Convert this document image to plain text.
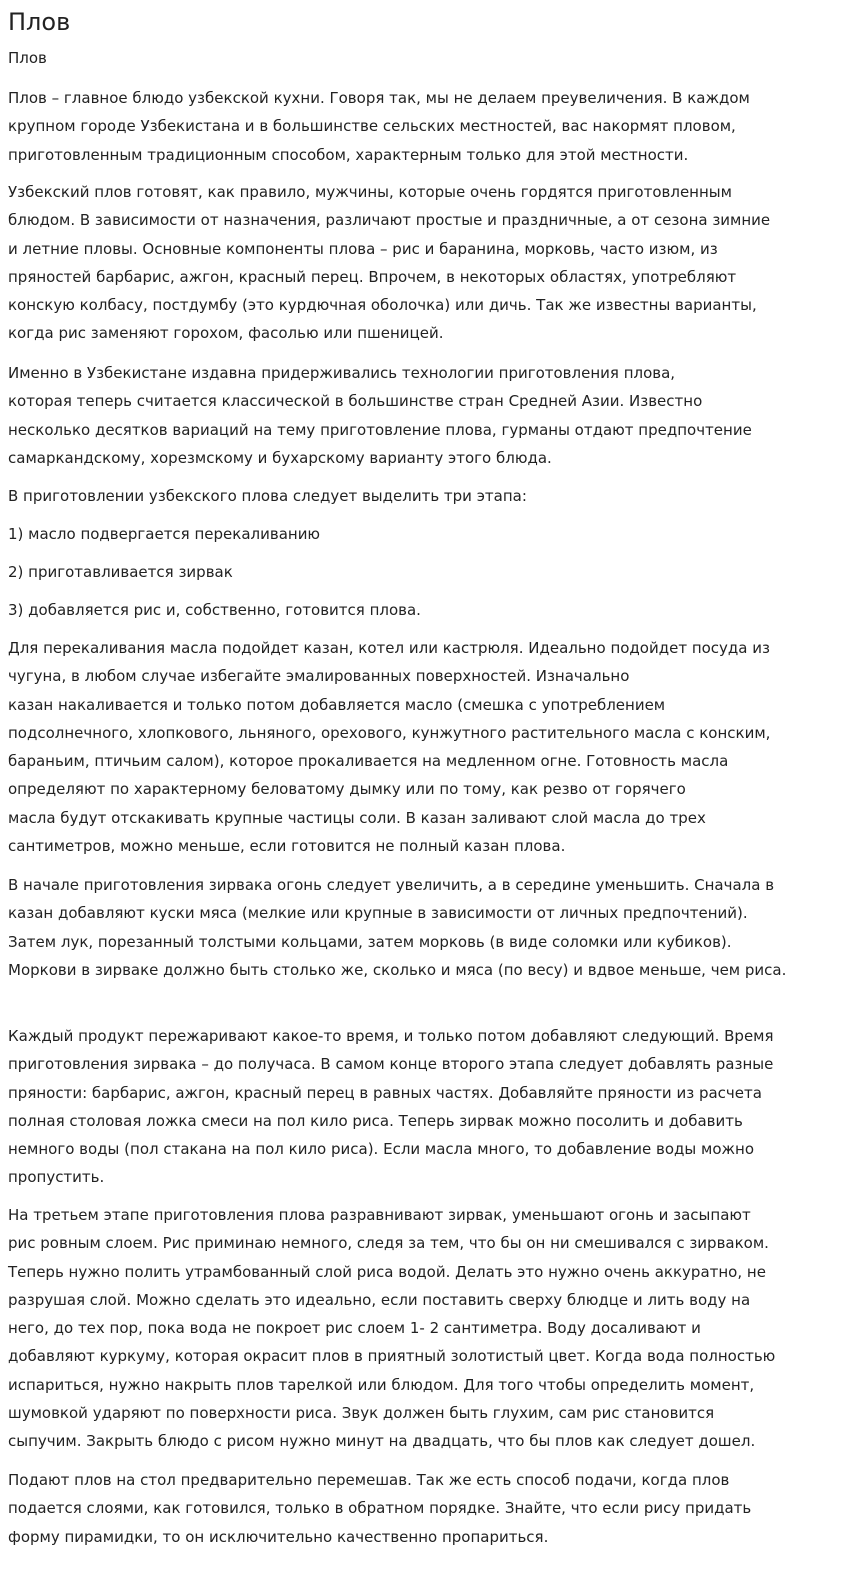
Плов

Плов

Плов – главное блюдо узбекской кухни. Говоря так, мы не делаем преувеличения. В каждом
крупном городе Узбекистана и в большинстве сельских местностей, вас накормят пловом,
приготовленным традиционным способом, характерным только для этой местности.

Узбекский плов готовят, как правило, мужчины, которые очень гордятся приготовленным
блюдом. В зависимости от назначения, различают простые и праздничные, а от сезона зимние
и летние пловы. Основные компоненты плова – рис и баранина, морковь, часто изюм, из
пряностей барбарис, ажгон, красный перец. Впрочем, в некоторых областях, употребляют
конскую колбасу, постдумбу (это курдючная оболочка) или дичь. Так же известны варианты,
когда рис заменяют горохом, фасолью или пшеницей.

Именно в Узбекистане издавна придерживались технологии приготовления плова,
которая теперь считается классической в большинстве стран Средней Азии. Известно
несколько десятков вариаций на тему приготовление плова, гурманы отдают предпочтение
самаркандскому, хорезмскому и бухарскому варианту этого блюда.

В приготовлении узбекского плова следует выделить три этапа:

1) масло подвергается перекаливанию

2) приготавливается зирвак

3) добавляется рис и, собственно, готовится плова.

Для перекаливания масла подойдет казан, котел или кастрюля. Идеально подойдет посуда из
чугуна, в любом случае избегайте эмалированных поверхностей. Изначально
казан накаливается и только потом добавляется масло (смешка с употреблением
подсолнечного, хлопкового, льняного, орехового, кунжутного растительного масла с конским,
бараньим, птичьим салом), которое прокаливается на медленном огне. Готовность масла
определяют по характерному беловатому дымку или по тому, как резво от горячего
масла будут отскакивать крупные частицы соли. В казан заливают слой масла до трех
сантиметров, можно меньше, если готовится не полный казан плова.

В начале приготовления зирвака огонь следует увеличить, а в середине уменьшить. Сначала в
казан добавляют куски мяса (мелкие или крупные в зависимости от личных предпочтений).
Затем лук, порезанный толстыми кольцами, затем морковь (в виде соломки или кубиков).
Моркови в зирваке должно быть столько же, сколько и мяса (по весу) и вдвое меньше, чем риса.

Каждый продукт пережаривают какое-то время, и только потом добавляют следующий. Время
приготовления зирвака – до получаса. В самом конце второго этапа следует добавлять разные
пряности: барбарис, ажгон, красный перец в равных частях. Добавляйте пряности из расчета
полная столовая ложка смеси на пол кило риса. Теперь зирвак можно посолить и добавить
немного воды (пол стакана на пол кило риса). Если масла много, то добавление воды можно
пропустить.

На третьем этапе приготовления плова разравнивают зирвак, уменьшают огонь и засыпают
рис ровным слоем. Рис приминаю немного, следя за тем, что бы он ни смешивался с зирваком.
Теперь нужно полить утрамбованный слой риса водой. Делать это нужно очень аккуратно, не
разрушая слой. Можно сделать это идеально, если поставить сверху блюдце и лить воду на
него, до тех пор, пока вода не покроет рис слоем 1- 2 сантиметра. Воду досаливают и
добавляют куркуму, которая окрасит плов в приятный золотистый цвет. Когда вода полностью
испариться, нужно накрыть плов тарелкой или блюдом. Для того чтобы определить момент,
шумовкой ударяют по поверхности риса. Звук должен быть глухим, сам рис становится
сыпучим. Закрыть блюдо с рисом нужно минут на двадцать, что бы плов как следует дошел.

Подают плов на стол предварительно перемешав. Так же есть способ подачи, когда плов
подается слоями, как готовился, только в обратном порядке. Знайте, что если рису придать
форму пирамидки, то он исключительно качественно пропариться.
